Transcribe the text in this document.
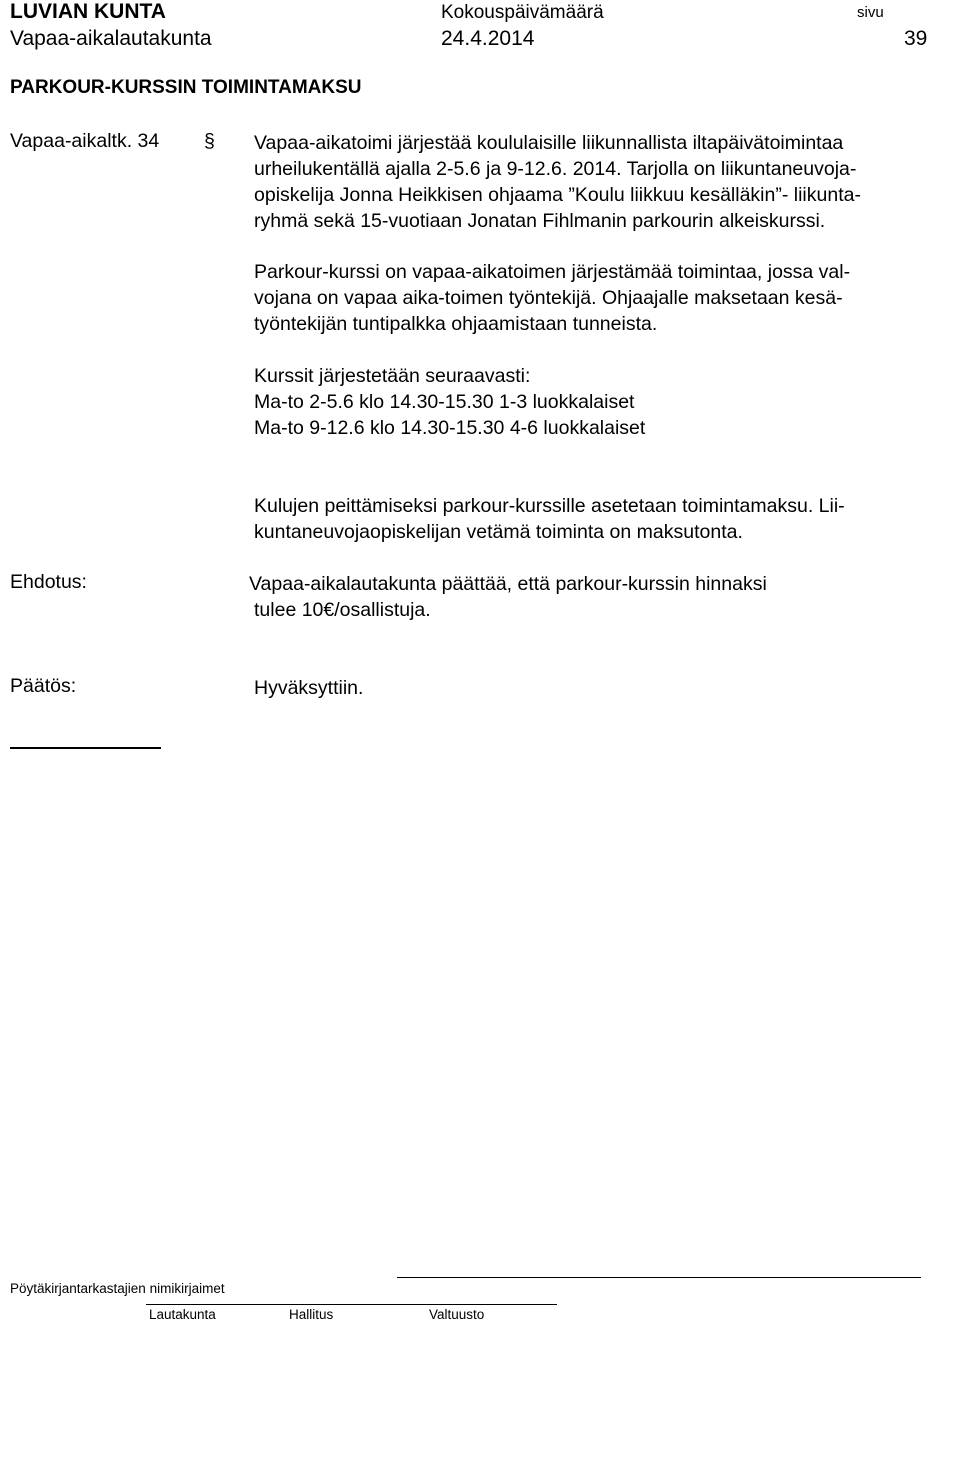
LUVIAN KUNTA	Kokouspäivämäärä	sivu
Vapaa-aikalautakunta	24.4.2014	39
PARKOUR-KURSSIN TOIMINTAMAKSU
Vapaa-aikaltk. 34 § Vapaa-aikatoimi järjestää koululaisille liikunnallista iltapäivätoimintaa

urheilukentällä ajalla 2-5.6 ja 9-12.6. 2014. Tarjolla on liikuntaneuvoja-

opiskelija Jonna Heikkisen ohjaama ”Koulu liikkuu kesälläkin”- liikunta-

ryhmä sekä 15-vuotiaan Jonatan Fihlmanin parkourin alkeiskurssi.

Parkour-kurssi on vapaa-aikatoimen järjestämää toimintaa, jossa val-

vojana on vapaa aika-toimen työntekijä. Ohjaajalle maksetaan kesä-

työntekijän tuntipalkka ohjaamistaan tunneista.

Kurssit järjestetään seuraavasti:

Ma-to 2-5.6 klo 14.30-15.30 1-3 luokkalaiset

Ma-to 9-12.6 klo 14.30-15.30 4-6 luokkalaiset

Kulujen peittämiseksi parkour-kurssille asetetaan toimintamaksu. Lii-

kuntaneuvojaopiskelijan vetämä toiminta on maksutonta.

Ehdotus:	Vapaa-aikalautakunta päättää, että parkour-kurssin hinnaksi
tulee 10€/osallistuja.
Päätös:	Hyväksyttiin.
Pöytäkirjantarkastajien nimikirjaimet
Lautakunta	Hallitus	Valtuusto
